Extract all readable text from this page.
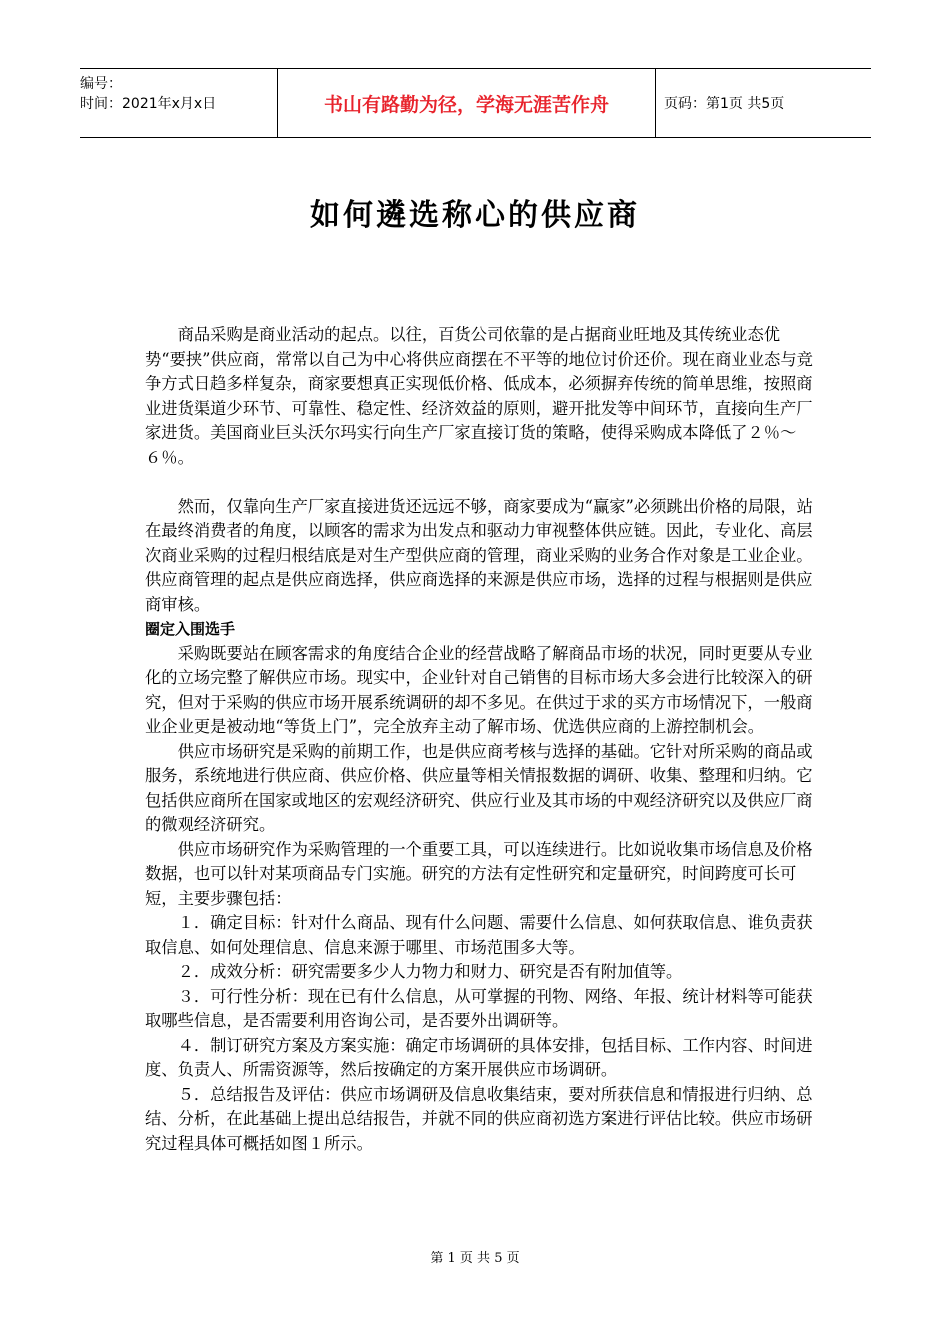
编号：
时间：2021年x月x日	书山有路勤为径，学海无涯苦作舟	页码：第1页 共5页
如何遴选称心的供应商

商品采购是商业活动的起点。以往，百货公司依靠的是占据商业旺地及其传统业态优势“要挟”供应商，常常以自己为中心将供应商摆在不平等的地位讨价还价。现在商业业态与竞争方式日趋多样复杂，商家要想真正实现低价格、低成本，必须摒弃传统的简单思维，按照商业进货渠道少环节、可靠性、稳定性、经济效益的原则，避开批发等中间环节，直接向生产厂家进货。美国商业巨头沃尔玛实行向生产厂家直接订货的策略，使得采购成本降低了２％～６％。

然而，仅靠向生产厂家直接进货还远远不够，商家要成为“赢家”必须跳出价格的局限，站在最终消费者的角度，以顾客的需求为出发点和驱动力审视整体供应链。因此，专业化、高层次商业采购的过程归根结底是对生产型供应商的管理，商业采购的业务合作对象是工业企业。供应商管理的起点是供应商选择，供应商选择的来源是供应市场，选择的过程与根据则是供应商审核。

圈定入围选手

采购既要站在顾客需求的角度结合企业的经营战略了解商品市场的状况，同时更要从专业化的立场完整了解供应市场。现实中，企业针对自己销售的目标市场大多会进行比较深入的研究，但对于采购的供应市场开展系统调研的却不多见。在供过于求的买方市场情况下，一般商业企业更是被动地“等货上门”，完全放弃主动了解市场、优选供应商的上游控制机会。

供应市场研究是采购的前期工作，也是供应商考核与选择的基础。它针对所采购的商品或服务，系统地进行供应商、供应价格、供应量等相关情报数据的调研、收集、整理和归纳。它包括供应商所在国家或地区的宏观经济研究、供应行业及其市场的中观经济研究以及供应厂商的微观经济研究。

供应市场研究作为采购管理的一个重要工具，可以连续进行。比如说收集市场信息及价格数据，也可以针对某项商品专门实施。研究的方法有定性研究和定量研究，时间跨度可长可短，主要步骤包括：

１．确定目标：针对什么商品、现有什么问题、需要什么信息、如何获取信息、谁负责获取信息、如何处理信息、信息来源于哪里、市场范围多大等。

２．成效分析：研究需要多少人力物力和财力、研究是否有附加值等。

３．可行性分析：现在已有什么信息，从可掌握的刊物、网络、年报、统计材料等可能获取哪些信息，是否需要利用咨询公司，是否要外出调研等。

４．制订研究方案及方案实施：确定市场调研的具体安排，包括目标、工作内容、时间进度、负责人、所需资源等，然后按确定的方案开展供应市场调研。

５．总结报告及评估：供应市场调研及信息收集结束，要对所获信息和情报进行归纳、总结、分析，在此基础上提出总结报告，并就不同的供应商初选方案进行评估比较。供应市场研究过程具体可概括如图１所示。

第 1 页 共 5 页
